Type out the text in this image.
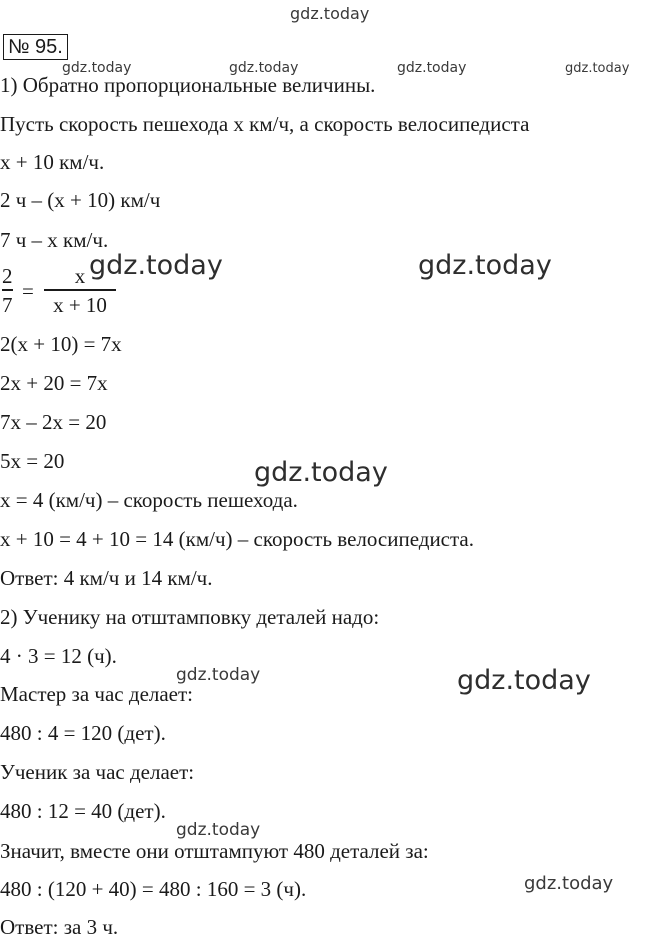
gdz.today
№ 95.
gdz.today	gdz.today	gdz.today	gdz.today
1) Обратно пропорциональные величины.
Пусть скорость пешехода x км/ч, а скорость велосипедиста
x + 10 км/ч.
2 ч – (x + 10) км/ч
7 ч – x км/ч.
2
7
=
x
x + 10
gdz.today	gdz.today
2(x + 10) = 7x
2x + 20 = 7x
7x – 2x = 20
5x = 20	gdz.today
x = 4 (км/ч) – скорость пешехода.
x + 10 = 4 + 10 = 14 (км/ч) – скорость велосипедиста.
Ответ: 4 км/ч и 14 км/ч.
2) Ученику на отштамповку деталей надо:
4 · 3 = 12 (ч).
gdz.today	gdz.today
Мастер за час делает:
480 : 4 = 120 (дет).
Ученик за час делает:
480 : 12 = 40 (дет).
gdz.today
Значит, вместе они отштампуют 480 деталей за:
gdz.today
480 : (120 + 40) = 480 : 160 = 3 (ч).
Ответ: за 3 ч.
